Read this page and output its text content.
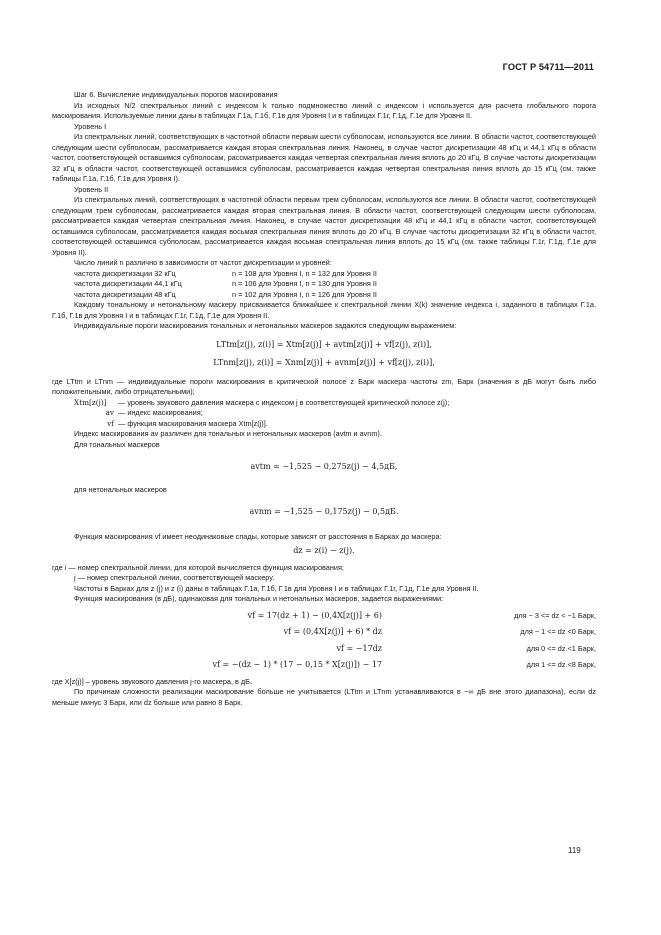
ГОСТ Р 54711—2011

Шаг 6. Вычисление индивидуальных порогов маскирования

Из исходных N/2 спектральных линий с индексом k только подмножество линий с индексом i используется для расчета глобального порога маскирования. Используемые линии даны в таблицах Г.1а, Г.1б, Г.1в для Уровня I и в таблицах Г.1г, Г.1д, Г.1е для Уровня II.

Уровень I

Из спектральных линий, соответствующих в частотной области первым шести субполосам, используются все линии. В области частот, соответствующей следующим шести субполосам, рассматривается каждая вторая спектральная линия. Наконец, в случае частот дискретизации 48 кГц и 44,1 кГц в области частот, соответствующей оставшимся субполосам, рассматривается каждая четвертая спектральная линия вплоть до 20 кГц. В случае частоты дискретизации 32 кГц в области частот, соответствующей оставшимся субполосам, рассматривается каждая четвертая спектральная линия вплоть до 15 кГц (см. также таблицы Г.1а, Г.1б, Г.1в для Уровня I).

Уровень II

Из спектральных линий, соответствующих в частотной области первым трем субполосам, используются все линии. В области частот, соответствующей следующим трем субполосам, рассматривается каждая вторая спектральная линия. В области частот, соответствующей следующим шести субполосам, рассматривается каждая четвертая спектральная линия. Наконец, в случае частот дискретизации 48 кГц и 44,1 кГц в области частот, соответствующей оставшимся субполосам, рассматривается каждая восьмая спектральная линия вплоть до 20 кГц. В случае частоты дискретизации 32 кГц в области частот, соответствующей оставшимся субполосам, рассматривается каждая восьмая спектральная линия вплоть до 15 кГц (см. также таблицы Г.1г, Г.1д, Г.1е для Уровня II).

Число линий n различно в зависимости от частот дискретизации и уровней:

частота дискретизации 32 кГц	n = 108 для Уровня I, n = 132 для Уровня II
частота дискретизации 44,1 кГц	n = 106 для Уровня I, n = 130 для Уровня II
частота дискретизации 48 кГц	n = 102 для Уровня I, n = 126 для Уровня II

Каждому тональному и нетональному маскеру присваивается ближайшее к спектральной линии X(k) значение индекса i, заданного в таблицах Г.1а, Г.1б, Г.1в для Уровня I и в таблицах Г.1г, Г.1д, Г.1е для Уровня II.

Индивидуальные пороги маскирования тональных и нетональных маскеров задаются следующим выражением:

LTtm[z(j), z(i)] = Xtm[z(j)] + avtm[z(j)] + vf[z(j), z(i)],
LTnm[z(j), z(i)] = Xnm[z(j)] + avnm[z(j)] + vf[z(j), z(i)],

где LTtm и LTnm — индивидуальные пороги маскирования в критической полосе z Барк маскера частоты zm, Барк (значения в дБ могут быть либо положительными, либо отрицательными);

Xtm[z(j)]	— уровень звукового давления маскера с индексом j в соответствующей критической полосе z(j);
av — индекс маскирования;
vf — функция маскирования маскера Xtm[z(j)].

Индекс маскирования av различен для тональных и нетональных маскеров (avtm и avnm).

Для тональных маскеров

avtm = −1,525 − 0,275z(j) − 4,5дБ,

для нетональных маскеров

avnm = −1,525 − 0,175z(j) − 0,5дБ.

Функция маскирования vf имеет неодинаковые спады, которые зависят от расстояния в Барках до маскера:

dz = z(i) − z(j).

где i — номер спектральной линии, для которой вычисляется функция маскирования;

j — номер спектральной линии, соответствующей маскеру.

Частоты в Барках для z (j) и z (i) даны в таблицах Г.1а, Г.1б, Г.1в для Уровня I и в таблицах Г.1г, Г.1д, Г.1е для Уровня II.

Функция маскирования (в дБ), одинаковая для тональных и нетональных маскеров, задается выражениями:

vf = 17(dz + 1) − (0,4X[z(j)] + 6)	для − 3 <= dz < −1 Барк,
vf = (0,4X[z(j)] + 6) * dz	для − 1 <= dz <0 Барк,
vf = −17dz	для 0 <= dz <1 Барк,
vf = −(dz − 1) * (17 − 0,15 * X[z(j)]) − 17	для 1 <= dz <8 Барк,

где X[z(j)] – уровень звукового давления j-го маскера, в дБ.

По причинам сложности реализации маскирование больше не учитывается (LTtm и LTnm устанавливаются в −∞ дБ вне этого диапазона), если dz меньше минус 3 Барк, или dz больше или равно 8 Барк.

119
